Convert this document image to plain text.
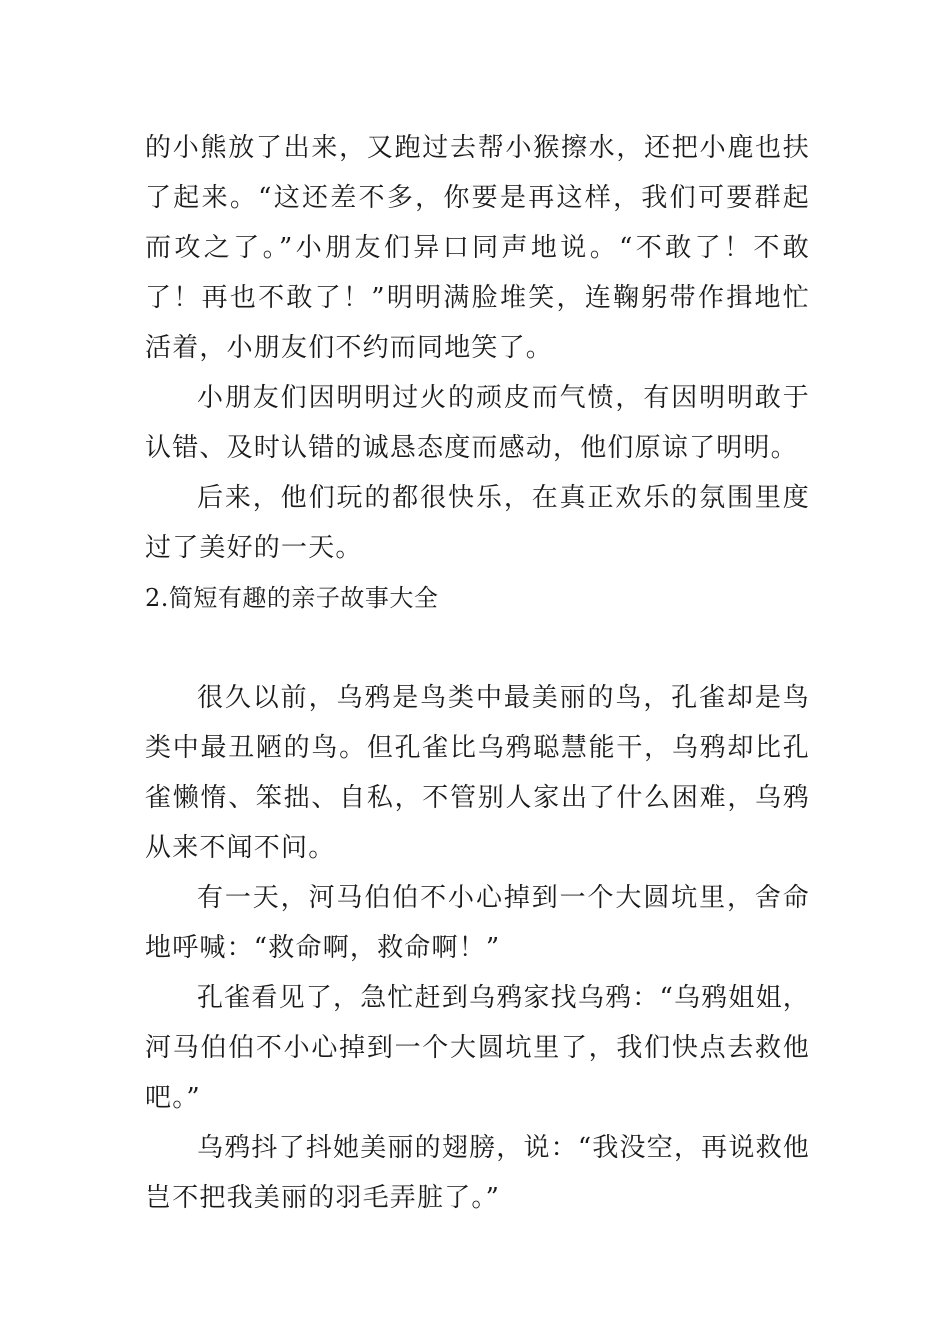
的小熊放了出来，又跑过去帮小猴擦水，还把小鹿也扶了起来。“这还差不多，你要是再这样，我们可要群起而攻之了。”小朋友们异口同声地说。“不敢了！不敢了！再也不敢了！”明明满脸堆笑，连鞠躬带作揖地忙活着，小朋友们不约而同地笑了。

小朋友们因明明过火的顽皮而气愤，有因明明敢于认错、及时认错的诚恳态度而感动，他们原谅了明明。

后来，他们玩的都很快乐，在真正欢乐的氛围里度过了美好的一天。

2.简短有趣的亲子故事大全

很久以前，乌鸦是鸟类中最美丽的鸟，孔雀却是鸟类中最丑陋的鸟。但孔雀比乌鸦聪慧能干，乌鸦却比孔雀懒惰、笨拙、自私，不管别人家出了什么困难，乌鸦从来不闻不问。

有一天，河马伯伯不小心掉到一个大圆坑里，舍命地呼喊：“救命啊，救命啊！”

孔雀看见了，急忙赶到乌鸦家找乌鸦：“乌鸦姐姐，河马伯伯不小心掉到一个大圆坑里了，我们快点去救他吧。”

乌鸦抖了抖她美丽的翅膀，说：“我没空，再说救他岂不把我美丽的羽毛弄脏了。”
